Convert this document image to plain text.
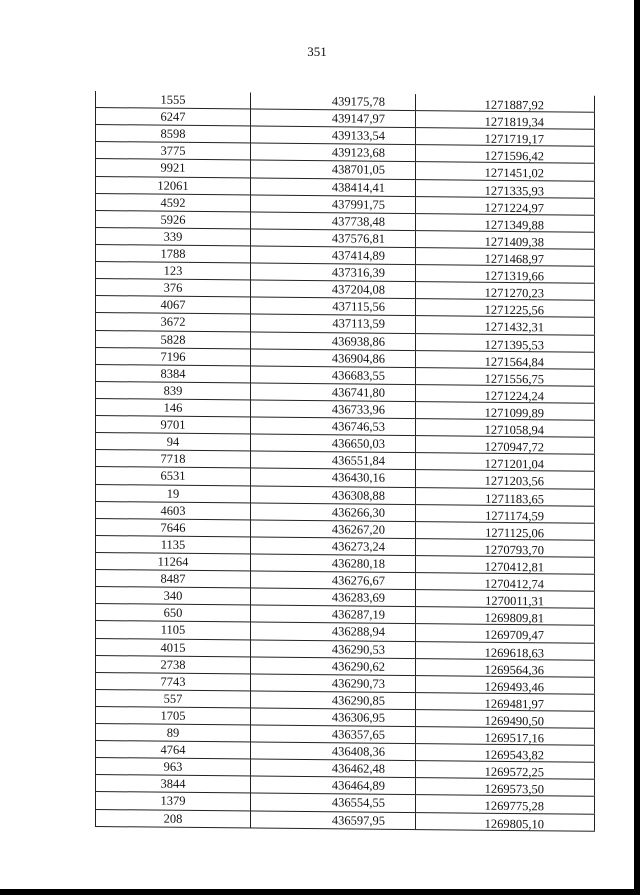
351
1555	439175,78	1271887,92
6247	439147,97	1271819,34
8598	439133,54	1271719,17
3775	439123,68	1271596,42
9921	438701,05	1271451,02
12061	438414,41	1271335,93
4592	437991,75	1271224,97
5926	437738,48	1271349,88
339	437576,81	1271409,38
1788	437414,89	1271468,97
123	437316,39	1271319,66
376	437204,08	1271270,23
4067	437115,56	1271225,56
3672	437113,59	1271432,31
5828	436938,86	1271395,53
7196	436904,86	1271564,84
8384	436683,55	1271556,75
839	436741,80	1271224,24
146	436733,96	1271099,89
9701	436746,53	1271058,94
94	436650,03	1270947,72
7718	436551,84	1271201,04
6531	436430,16	1271203,56
19	436308,88	1271183,65
4603	436266,30	1271174,59
7646	436267,20	1271125,06
1135	436273,24	1270793,70
11264	436280,18	1270412,81
8487	436276,67	1270412,74
340	436283,69	1270011,31
650	436287,19	1269809,81
1105	436288,94	1269709,47
4015	436290,53	1269618,63
2738	436290,62	1269564,36
7743	436290,73	1269493,46
557	436290,85	1269481,97
1705	436306,95	1269490,50
89	436357,65	1269517,16
4764	436408,36	1269543,82
963	436462,48	1269572,25
3844	436464,89	1269573,50
1379	436554,55	1269775,28
208	436597,95	1269805,10
